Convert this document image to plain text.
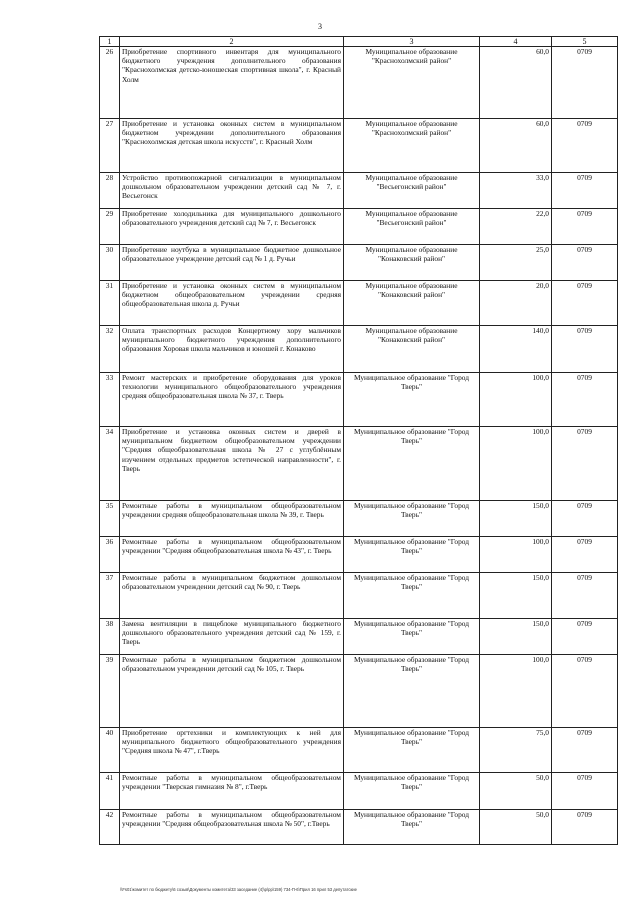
3
1	2	3	4	5
26	Приобретение спортивного инвентаря для муниципального бюджетного учреждения дополнительного образования "Краснохолмская детско-юношеская спортивная школа", г. Красный Холм	Муниципальное образование "Краснохолмский район"	60,0	0709
27	Приобретение и установка оконных систем в муниципальном бюджетном учреждении дополнительного образования "Краснохолмская детская школа искусств", г. Красный Холм	Муниципальное образование "Краснохолмский район"	60,0	0709
28	Устройство противопожарной сигнализации в муниципальном дошкольном образовательном учреждении детский сад № 7, г. Весьегонск	Муниципальное образование "Весьегонский район"	33,0	0709
29	Приобретение холодильника для муниципального дошкольного образовательного учреждения детский сад № 7, г. Весьегонск	Муниципальное образование "Весьегонский район"	22,0	0709
30	Приобретение ноутбука в муниципальное бюджетное дошкольное образовательное учреждение детский сад № 1 д. Ручьи	Муниципальное образование "Конаковский район"	25,0	0709
31	Приобретение и установка оконных систем в муниципальном бюджетном общеобразовательном учреждении средняя общеобразовательная школа д. Ручьи	Муниципальное образование "Конаковский район"	20,0	0709
32	Оплата транспортных расходов Концертному хору мальчиков муниципального бюджетного учреждения дополнительного образования Хоровая школа мальчиков и юношей г. Конаково	Муниципальное образование "Конаковский район"	140,0	0709
33	Ремонт мастерских и приобретение оборудования для уроков технологии муниципального общеобразовательного учреждения средняя общеобразовательная школа № 37, г. Тверь	Муниципальное образование "Город Тверь"	100,0	0709
34	Приобретение и установка оконных систем и дверей в муниципальном бюджетном общеобразовательном учреждении "Средняя общеобразовательная школа № 27 с углублённым изучением отдельных предметов эстетической направленности", г. Тверь	Муниципальное образование "Город Тверь"	100,0	0709
35	Ремонтные работы в муниципальном общеобразовательном учреждении средняя общеобразовательная школа № 39, г. Тверь	Муниципальное образование "Город Тверь"	150,0	0709
36	Ремонтные работы в муниципальном общеобразовательном учреждении "Средняя общеобразовательная школа № 43", г. Тверь	Муниципальное образование "Город Тверь"	100,0	0709
37	Ремонтные работы в муниципальном бюджетном дошкольном образовательном учреждении детский сад № 90, г. Тверь	Муниципальное образование "Город Тверь"	150,0	0709
38	Замена вентиляции в пищеблоке муниципального бюджетного дошкольного образовательного учреждения детский сад № 159, г. Тверь	Муниципальное образование "Город Тверь"	150,0	0709
39	Ремонтные работы в муниципальном бюджетном дошкольном образовательном учреждении детский сад № 105, г. Тверь	Муниципальное образование "Город Тверь"	100,0	0709
40	Приобретение оргтехники и комплектующих к ней для муниципального бюджетного общеобразовательного учреждения "Средняя школа № 47", г.Тверь	Муниципальное образование "Город Тверь"	75,0	0709
41	Ремонтные работы в муниципальном общеобразовательном учреждении "Тверская гимназия № 8", г.Тверь	Муниципальное образование "Город Тверь"	50,0	0709
42	Ремонтные работы в муниципальном общеобразовательном учреждении "Средняя общеобразовательная школа № 50", г.Тверь	Муниципальное образование "Город Тверь"	50,0	0709
\\Fs01\комитет по бюджету\6 созыв\Документы комитета\33 заседание (4)\p\pp\159) 734-П-6\Прил 16 прил 53 депутатские
